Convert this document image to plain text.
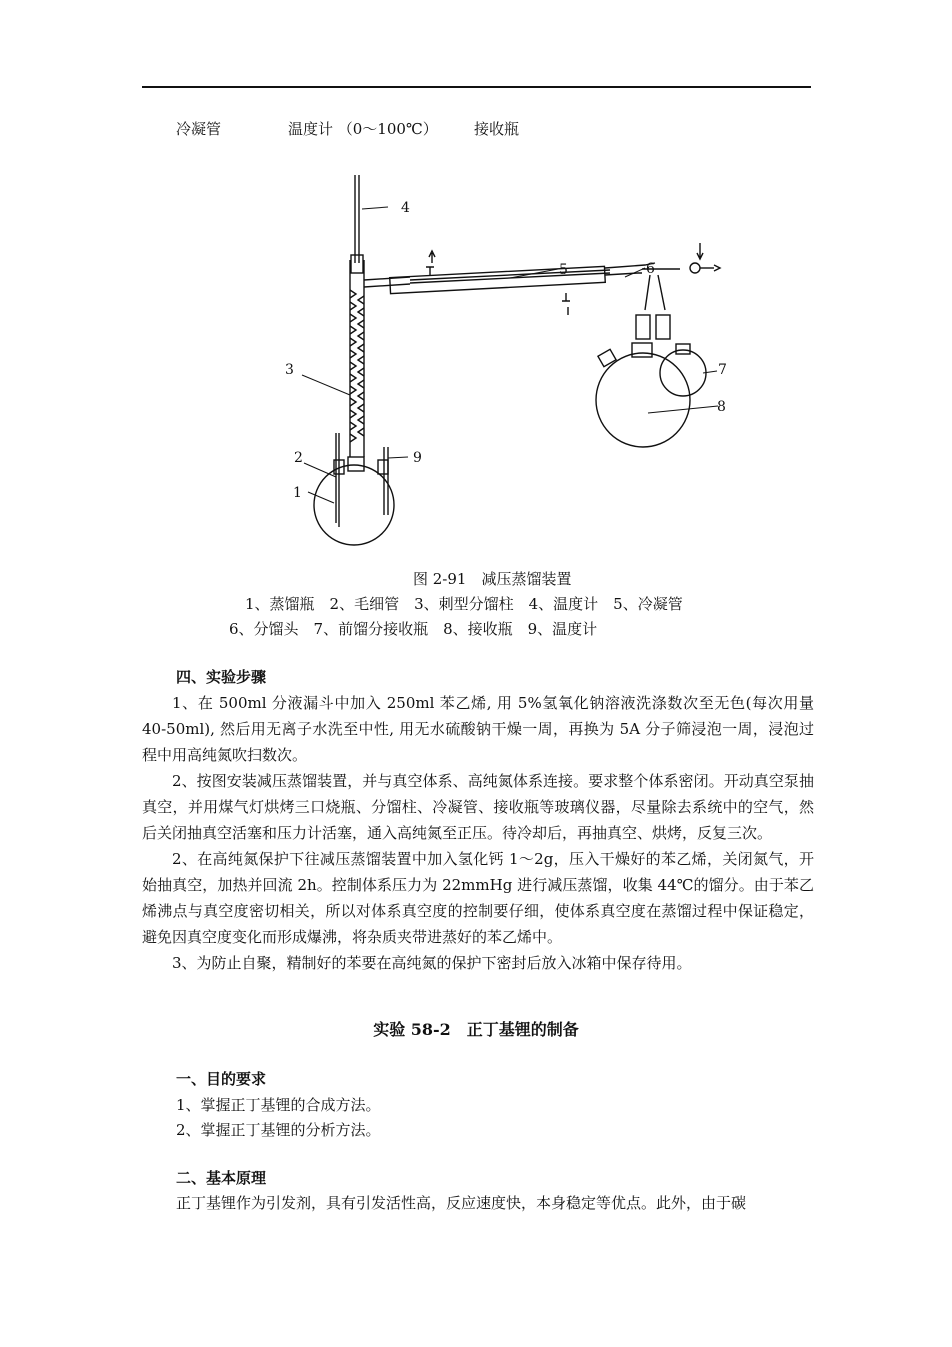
冷凝管	温度计 （0～100℃） 接收瓶
1
2
3
4
5	6
7
8
9
图 2-91　减压蒸馏装置
1、蒸馏瓶　2、毛细管　3、刺型分馏柱　4、温度计　5、冷凝管
6、分馏头　7、前馏分接收瓶　8、接收瓶　9、温度计
四、实验步骤

1、在 500ml 分液漏斗中加入 250ml 苯乙烯, 用 5%氢氧化钠溶液洗涤数次至无色(每次用量 40-50ml), 然后用无离子水洗至中性, 用无水硫酸钠干燥一周，再换为 5A 分子筛浸泡一周，浸泡过程中用高纯氮吹扫数次。

2、按图安装减压蒸馏装置，并与真空体系、高纯氮体系连接。要求整个体系密闭。开动真空泵抽真空，并用煤气灯烘烤三口烧瓶、分馏柱、冷凝管、接收瓶等玻璃仪器，尽量除去系统中的空气，然后关闭抽真空活塞和压力计活塞，通入高纯氮至正压。待冷却后，再抽真空、烘烤，反复三次。

2、在高纯氮保护下往减压蒸馏装置中加入氢化钙 1～2g，压入干燥好的苯乙烯，关闭氮气，开始抽真空，加热并回流 2h。控制体系压力为 22mmHg 进行减压蒸馏，收集 44℃的馏分。由于苯乙烯沸点与真空度密切相关，所以对体系真空度的控制要仔细，使体系真空度在蒸馏过程中保证稳定，避免因真空度变化而形成爆沸，将杂质夹带进蒸好的苯乙烯中。

3、为防止自聚，精制好的苯要在高纯氮的保护下密封后放入冰箱中保存待用。

实验 58-2　正丁基锂的制备
一、目的要求
1、掌握正丁基锂的合成方法。
2、掌握正丁基锂的分析方法。
二、基本原理
正丁基锂作为引发剂，具有引发活性高，反应速度快，本身稳定等优点。此外，由于碳
